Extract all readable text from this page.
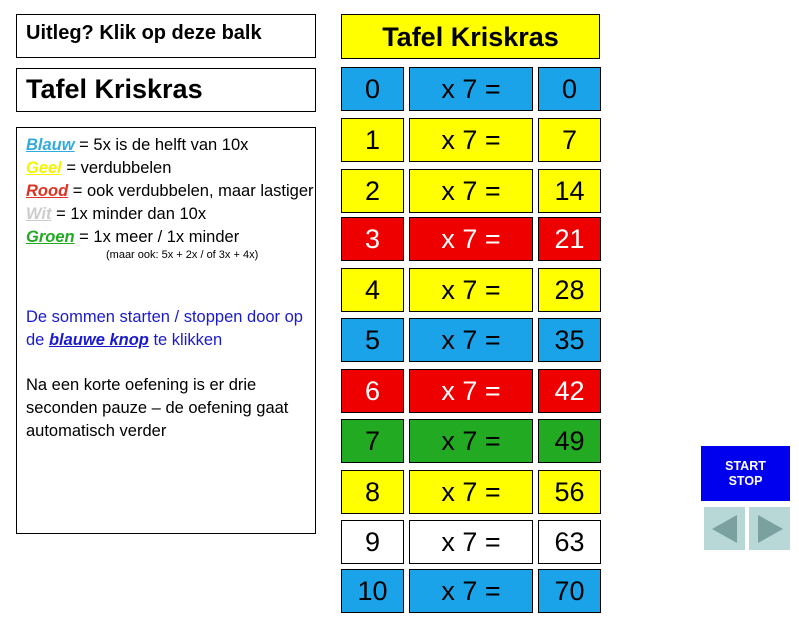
Uitleg? Klik op deze balk
Tafel Kriskras
Blauw = 5x is de helft van 10x
Geel = verdubbelen
Rood = ook verdubbelen, maar lastiger
Wit = 1x minder dan 10x
Groen = 1x meer / 1x minder
(maar ook: 5x + 2x / of 3x + 4x)
De sommen starten / stoppen door op de blauwe knop te klikken
Na een korte oefening is er drie seconden pauze – de oefening gaat automatisch verder
Tafel Kriskras
0	x 7 =	0
1	x 7 =	7
2	x 7 =	14
3	x 7 =	21
4	x 7 =	28
5	x 7 =	35
6	x 7 =	42
7	x 7 =	49
8	x 7 =	56
9	x 7 =	63
10	x 7 =	70
START
STOP
